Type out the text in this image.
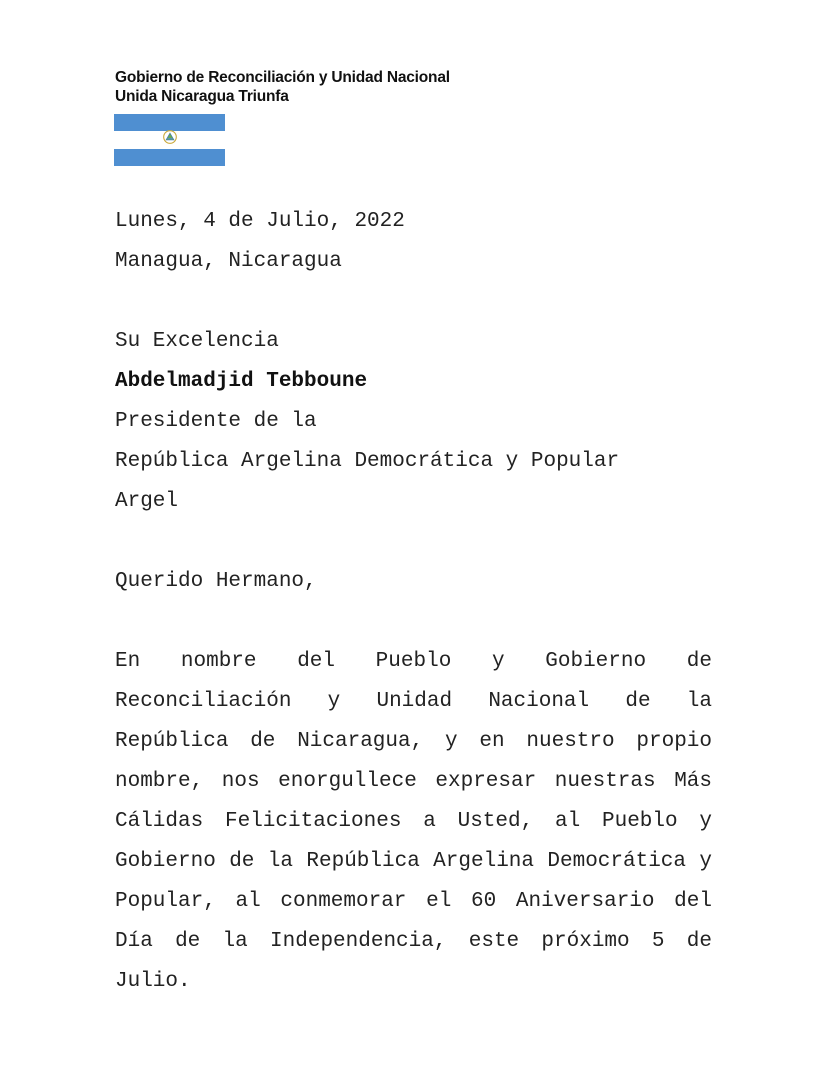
Gobierno de Reconciliación y Unidad Nacional
Unida Nicaragua Triunfa
Lunes, 4 de Julio, 2022
Managua, Nicaragua
Su Excelencia
Abdelmadjid Tebboune
Presidente de la
República Argelina Democrática y Popular
Argel
Querido Hermano,

En nombre del Pueblo y Gobierno de Reconciliación y Unidad Nacional de la República de Nicaragua, y en nuestro propio nombre, nos enorgullece expresar nuestras Más Cálidas Felicitaciones a Usted, al Pueblo y Gobierno de la República Argelina Democrática y Popular, al conmemorar el 60 Aniversario del Día de la Independencia, este próximo 5 de Julio.
